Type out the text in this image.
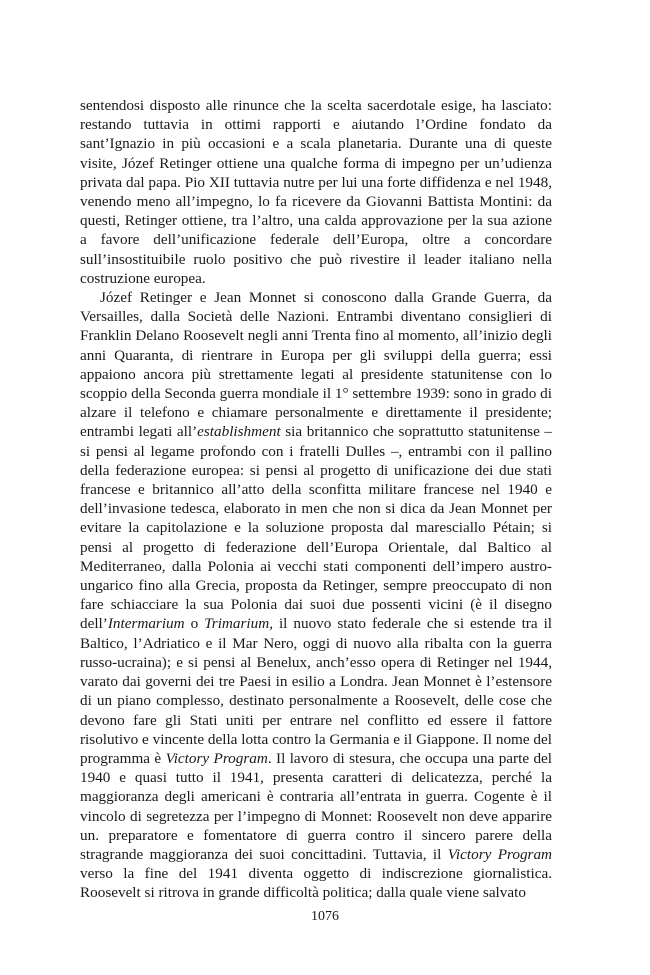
sentendosi disposto alle rinunce che la scelta sacerdotale esige, ha lasciato: restando tuttavia in ottimi rapporti e aiutando l’Ordine fondato da sant’Ignazio in più occasioni e a scala planetaria. Durante una di queste visite, Józef Retinger ottiene una qualche forma di impegno per un’udienza privata dal papa. Pio XII tuttavia nutre per lui una forte diffidenza e nel 1948, venendo meno all’impegno, lo fa ricevere da Giovanni Battista Montini: da questi, Retinger ottiene, tra l’altro, una calda approvazione per la sua azione a favore dell’unificazione federale dell’Europa, oltre a concordare sull’insostituibile ruolo positivo che può rivestire il leader italiano nella costruzione europea.

Józef Retinger e Jean Monnet si conoscono dalla Grande Guerra, da Versailles, dalla Società delle Nazioni. Entrambi diventano consiglieri di Franklin Delano Roosevelt negli anni Trenta fino al momento, all’inizio degli anni Quaranta, di rientrare in Europa per gli sviluppi della guerra; essi appaiono ancora più strettamente legati al presidente statunitense con lo scoppio della Seconda guerra mondiale il 1° settembre 1939: sono in grado di alzare il telefono e chiamare personalmente e direttamente il presidente; entrambi legati all’establishment sia britannico che soprattutto statunitense – si pensi al legame profondo con i fratelli Dulles –, entrambi con il pallino della federazione europea: si pensi al progetto di unificazione dei due stati francese e britannico all’atto della sconfitta militare francese nel 1940 e dell’invasione tedesca, elaborato in men che non si dica da Jean Monnet per evitare la capitolazione e la soluzione proposta dal maresciallo Pétain; si pensi al progetto di federazione dell’Europa Orientale, dal Baltico al Mediterraneo, dalla Polonia ai vecchi stati componenti dell’impero austro-ungarico fino alla Grecia, proposta da Retinger, sempre preoccupato di non fare schiacciare la sua Polonia dai suoi due possenti vicini (è il disegno dell’Intermarium o Trimarium, il nuovo stato federale che si estende tra il Baltico, l’Adriatico e il Mar Nero, oggi di nuovo alla ribalta con la guerra russo-ucraina); e si pensi al Benelux, anch’esso opera di Retinger nel 1944, varato dai governi dei tre Paesi in esilio a Londra. Jean Monnet è l’estensore di un piano complesso, destinato personalmente a Roosevelt, delle cose che devono fare gli Stati uniti per entrare nel conflitto ed essere il fattore risolutivo e vincente della lotta contro la Germania e il Giappone. Il nome del programma è Victory Program. Il lavoro di stesura, che occupa una parte del 1940 e quasi tutto il 1941, presenta caratteri di delicatezza, perché la maggioranza degli americani è contraria all’entrata in guerra. Cogente è il vincolo di segretezza per l’impegno di Monnet: Roosevelt non deve apparire un. preparatore e fomentatore di guerra contro il sincero parere della stragrande maggioranza dei suoi concittadini. Tuttavia, il Victory Program verso la fine del 1941 diventa oggetto di indiscrezione giornalistica. Roosevelt si ritrova in grande difficoltà politica; dalla quale viene salvato

1076
